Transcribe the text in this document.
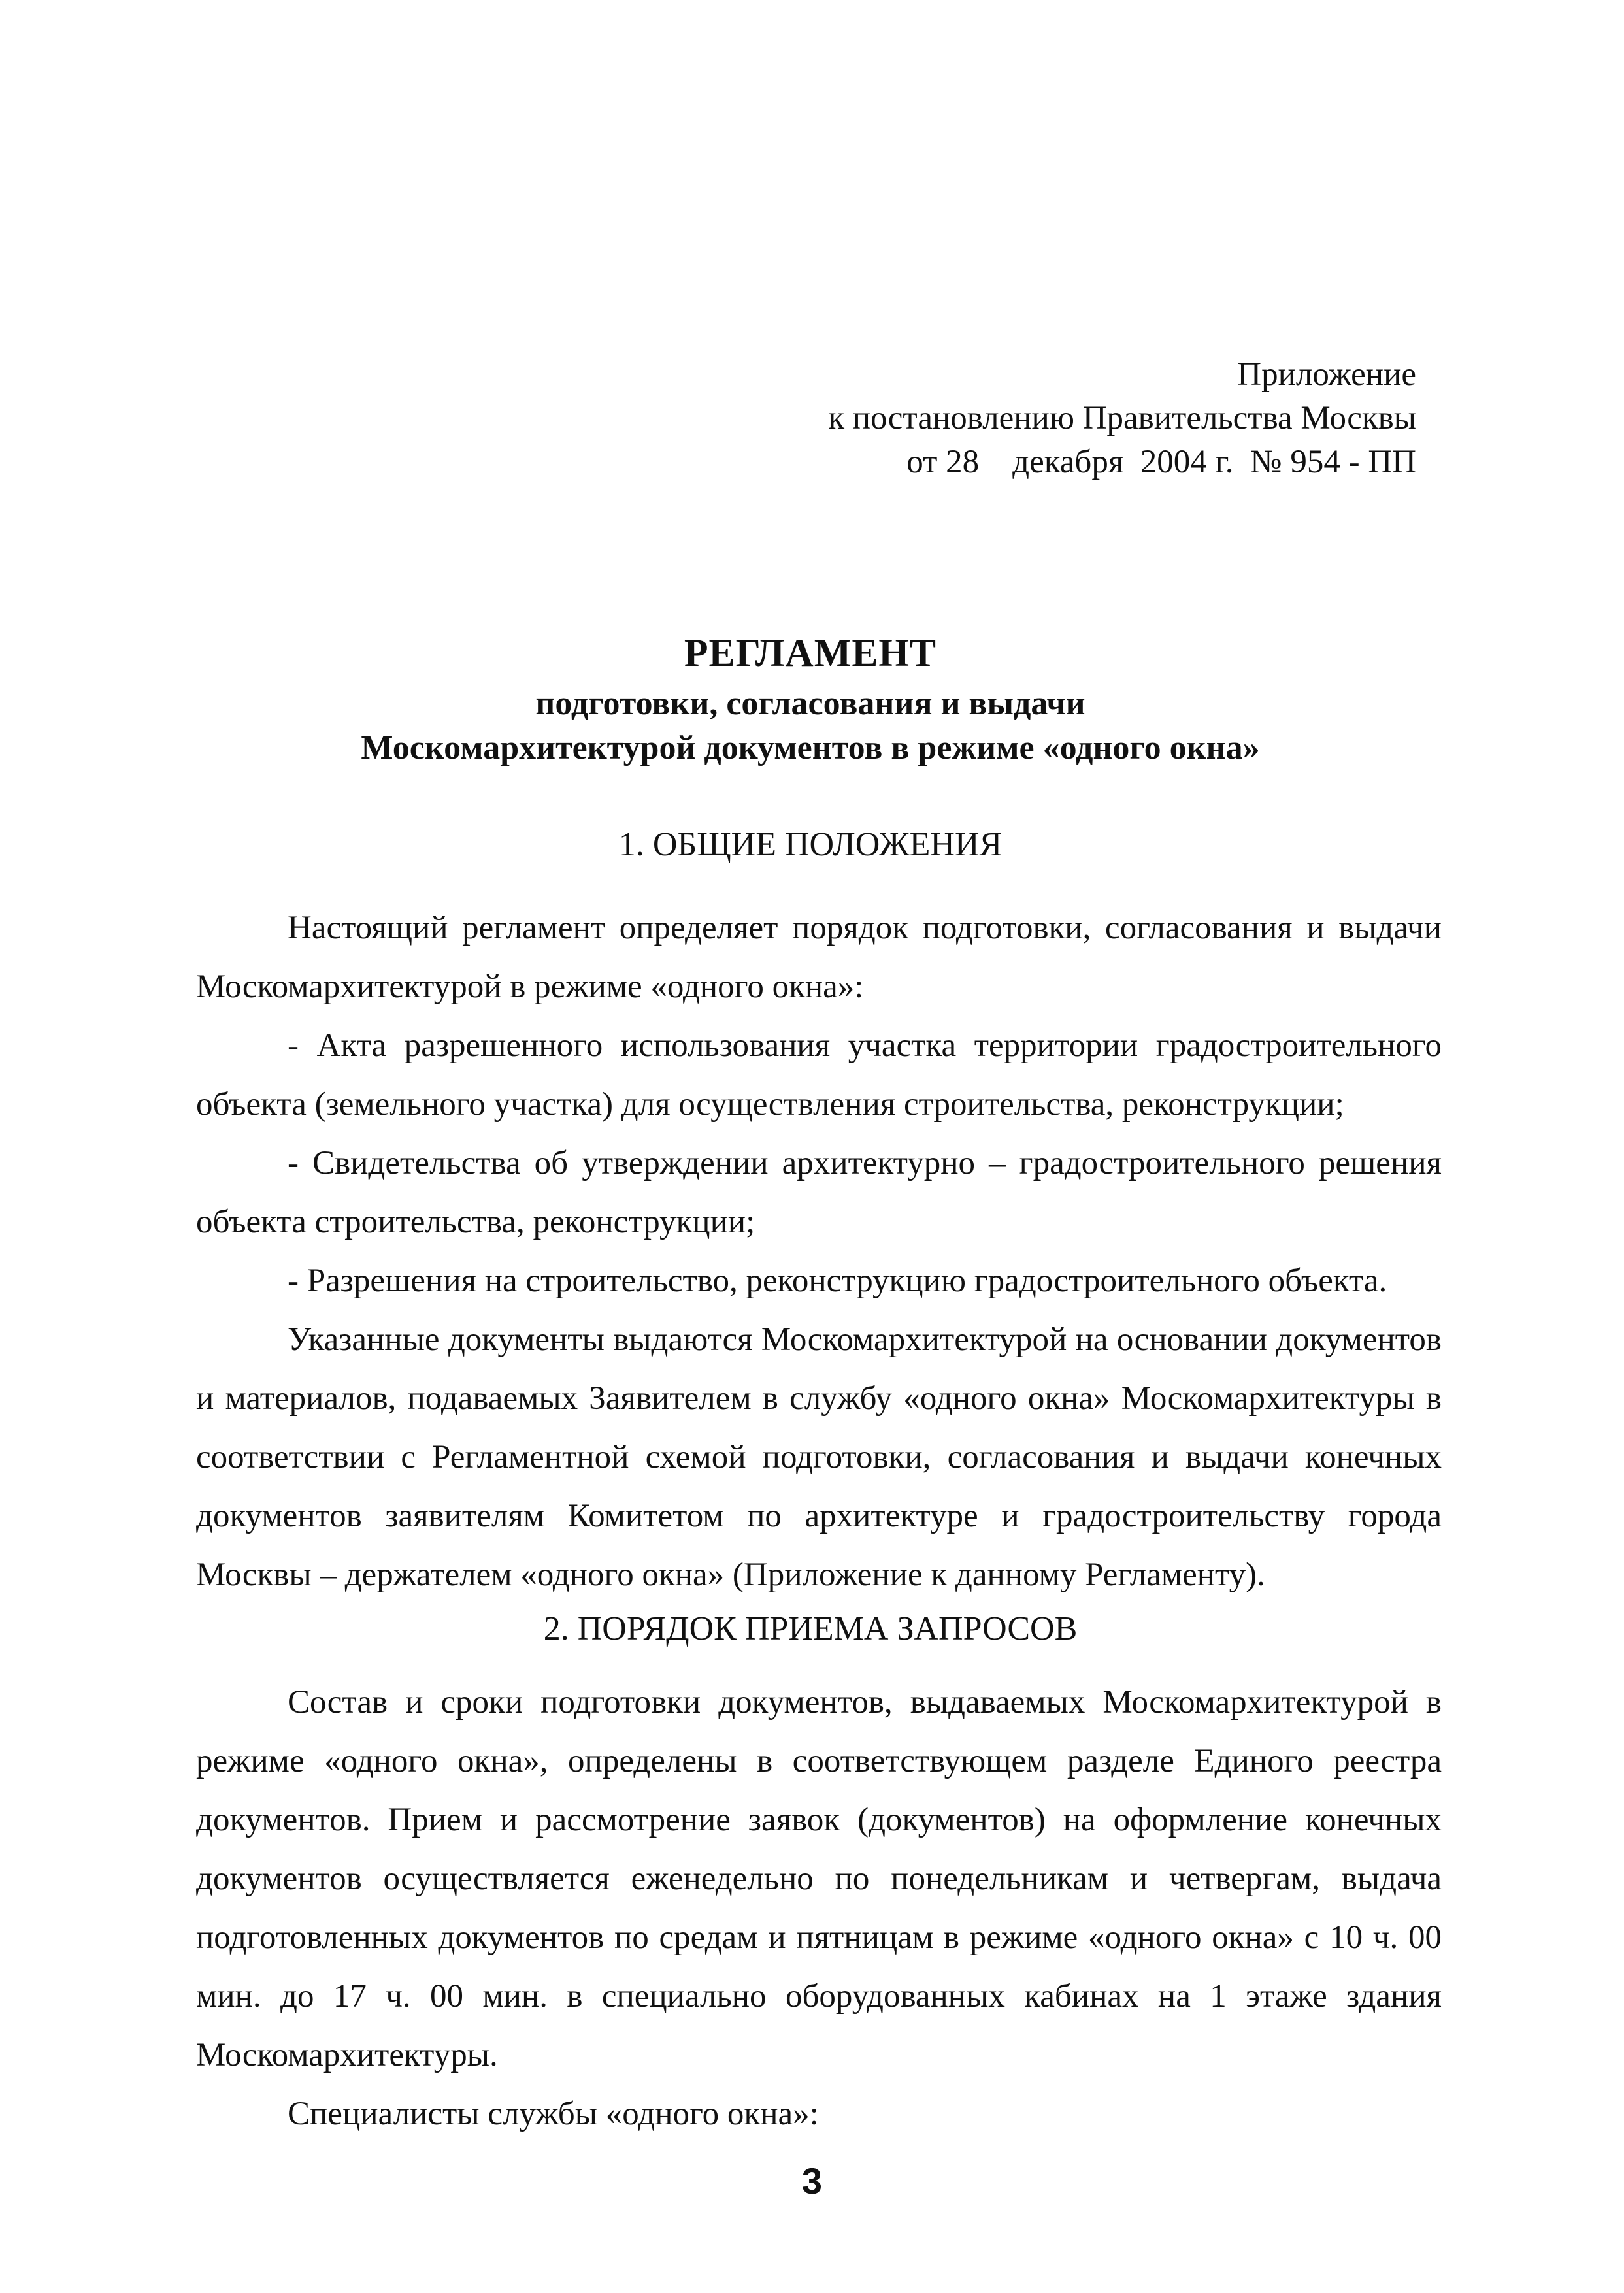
Приложение
к постановлению Правительства Москвы
от 28    декабря  2004 г.  № 954 - ПП
РЕГЛАМЕНТ
подготовки, согласования и выдачи
Москомархитектурой документов в режиме «одного окна»
1. ОБЩИЕ ПОЛОЖЕНИЯ

Настоящий регламент определяет порядок подготовки, согласования и выдачи Москомархитектурой в режиме «одного окна»:

- Акта разрешенного использования участка территории градостроительного объекта (земельного участка) для осуществления строительства, реконструкции;

- Свидетельства об утверждении архитектурно – градостроительного решения объекта строительства, реконструкции;

- Разрешения на строительство, реконструкцию градостроительного объекта.

Указанные документы выдаются Москомархитектурой на основании документов и материалов, подаваемых Заявителем в службу «одного окна» Москомархитектуры в соответствии с Регламентной схемой подготовки, согласования и выдачи конечных документов заявителям Комитетом по архитектуре и градостроительству города Москвы – держателем «одного окна» (Приложение к данному Регламенту).

2. ПОРЯДОК ПРИЕМА ЗАПРОСОВ

Состав и сроки подготовки документов, выдаваемых Москомархитектурой в режиме «одного окна», определены в соответствующем разделе Единого реестра документов. Прием и рассмотрение заявок (документов) на оформление конечных документов осуществляется еженедельно по понедельникам и четвергам, выдача подготовленных документов по средам и пятницам в режиме «одного окна» с 10 ч. 00 мин. до 17 ч. 00 мин. в специально оборудованных кабинах на 1 этаже здания Москомархитектуры.

Специалисты службы «одного окна»:

3
